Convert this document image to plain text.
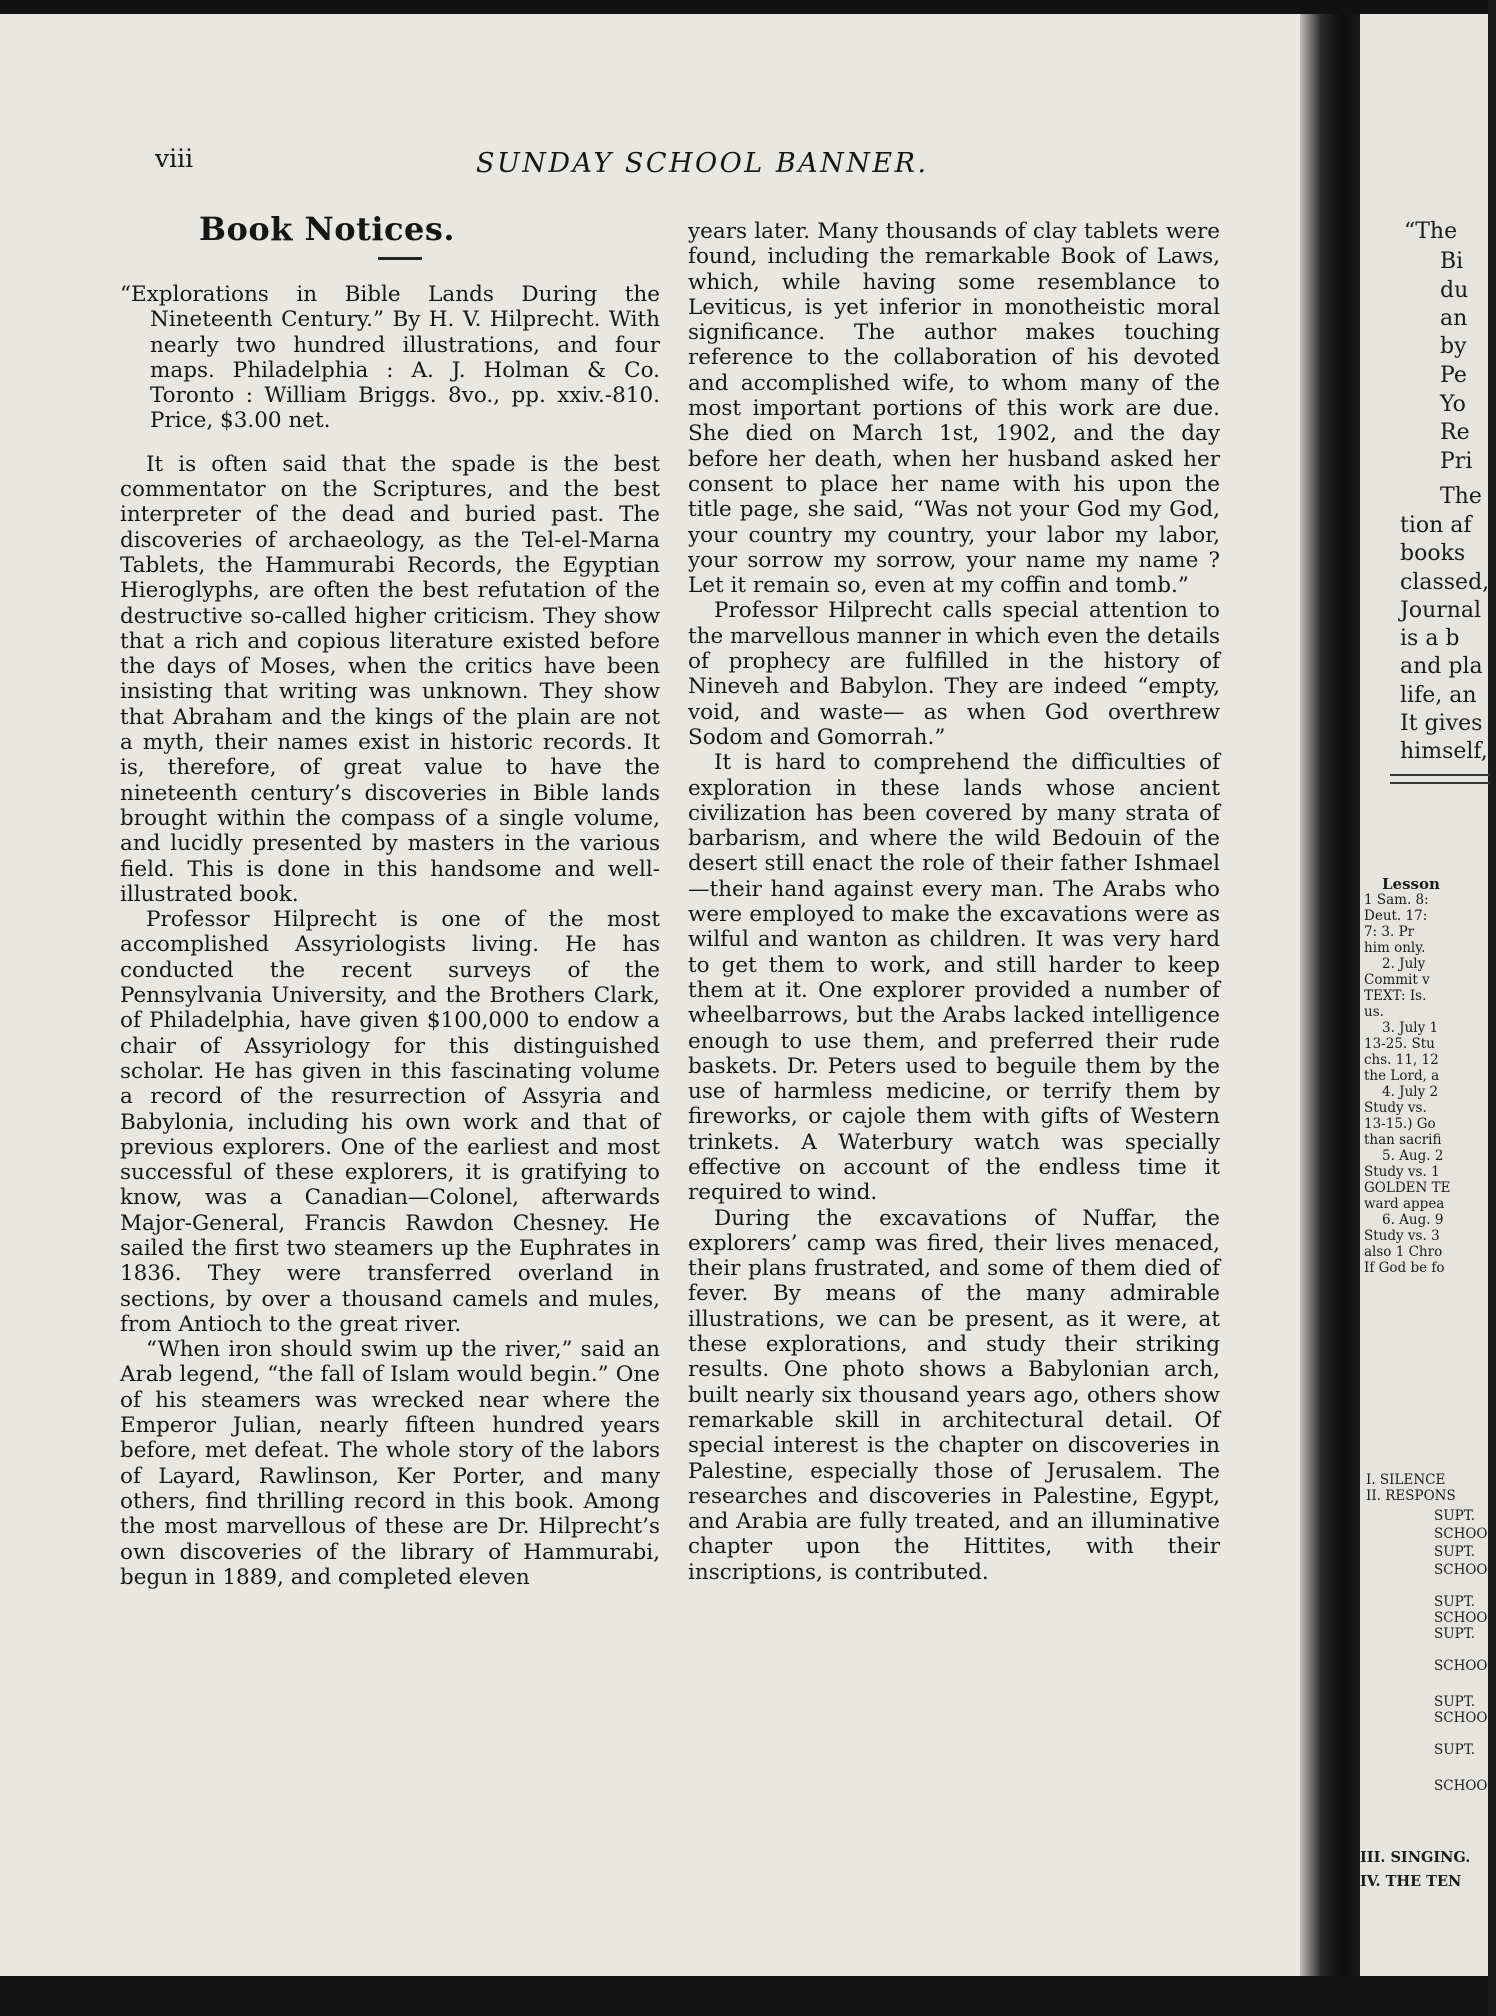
viii	SUNDAY SCHOOL BANNER.
Book Notices.
“Explorations in Bible Lands During the Nineteenth Century.” By H. V. Hilprecht. With nearly two hundred illustrations, and four maps. Philadelphia : A. J. Holman & Co. Toronto : William Briggs. 8vo., pp. xxiv.-810. Price, $3.00 net.

It is often said that the spade is the best commentator on the Scriptures, and the best interpreter of the dead and buried past. The discoveries of archaeology, as the Tel-el-Marna Tablets, the Hammurabi Records, the Egyptian Hieroglyphs, are often the best refutation of the destructive so-called higher criticism. They show that a rich and copious literature existed before the days of Moses, when the critics have been insisting that writing was unknown. They show that Abraham and the kings of the plain are not a myth, their names exist in historic records. It is, therefore, of great value to have the nineteenth century’s discoveries in Bible lands brought within the compass of a single volume, and lucidly presented by masters in the various field. This is done in this handsome and well-illustrated book.

Professor Hilprecht is one of the most accomplished Assyriologists living. He has conducted the recent surveys of the Pennsylvania University, and the Brothers Clark, of Philadelphia, have given $100,000 to endow a chair of Assyriology for this distinguished scholar. He has given in this fascinating volume a record of the resurrection of Assyria and Babylonia, including his own work and that of previous explorers. One of the earliest and most successful of these explorers, it is gratifying to know, was a Canadian—Colonel, afterwards Major-General, Francis Rawdon Chesney. He sailed the first two steamers up the Euphrates in 1836. They were transferred overland in sections, by over a thousand camels and mules, from Antioch to the great river.

“When iron should swim up the river,” said an Arab legend, “the fall of Islam would begin.” One of his steamers was wrecked near where the Emperor Julian, nearly fifteen hundred years before, met defeat. The whole story of the labors of Layard, Rawlinson, Ker Porter, and many others, find thrilling record in this book. Among the most marvellous of these are Dr. Hilprecht’s own discoveries of the library of Hammurabi, begun in 1889, and completed eleven

years later. Many thousands of clay tablets were found, including the remarkable Book of Laws, which, while having some resemblance to Leviticus, is yet inferior in monotheistic moral significance. The author makes touching reference to the collaboration of his devoted and accomplished wife, to whom many of the most important portions of this work are due. She died on March 1st, 1902, and the day before her death, when her husband asked her consent to place her name with his upon the title page, she said, “Was not your God my God, your country my country, your labor my labor, your sorrow my sorrow, your name my name ? Let it remain so, even at my coffin and tomb.”

Professor Hilprecht calls special attention to the marvellous manner in which even the details of prophecy are fulfilled in the history of Nineveh and Babylon. They are indeed “empty, void, and waste— as when God overthrew Sodom and Gomorrah.”

It is hard to comprehend the difficulties of exploration in these lands whose ancient civilization has been covered by many strata of barbarism, and where the wild Bedouin of the desert still enact the role of their father Ishmael—their hand against every man. The Arabs who were employed to make the excavations were as wilful and wanton as children. It was very hard to get them to work, and still harder to keep them at it. One explorer provided a number of wheelbarrows, but the Arabs lacked intelligence enough to use them, and preferred their rude baskets. Dr. Peters used to beguile them by the use of harmless medicine, or terrify them by fireworks, or cajole them with gifts of Western trinkets. A Waterbury watch was specially effective on account of the endless time it required to wind.

During the excavations of Nuffar, the explorers’ camp was fired, their lives menaced, their plans frustrated, and some of them died of fever. By means of the many admirable illustrations, we can be present, as it were, at these explorations, and study their striking results. One photo shows a Babylonian arch, built nearly six thousand years ago, others show remarkable skill in architectural detail. Of special interest is the chapter on discoveries in Palestine, especially those of Jerusalem. The researches and discoveries in Palestine, Egypt, and Arabia are fully treated, and an illuminative chapter upon the Hittites, with their inscriptions, is contributed.

“The
Bi
du
an
by
Pe
Yo
Re
Pri
The
tion af
books
classed,
Journal
is a b
and pla
life, an
It gives
himself,
Lesson
1 Sam. 8:
Deut. 17:
7: 3. Pr
him only.
2. July
Commit v
TEXT: Is.
us.
3. July 1
13-25. Stu
chs. 11, 12
the Lord, a
4. July 2
Study vs.
13-15.) Go
than sacrifi
5. Aug. 2
Study vs. 1
GOLDEN TE
ward appea
6. Aug. 9
Study vs. 3
also 1 Chro
If God be fo
I. SILENCE
II. RESPONS
SUPT.
SCHOO
SUPT.
SCHOO
SUPT.
SCHOO
SUPT.
SCHOO
SUPT.
SCHOOL
SUPT.
SCHOOL
III. SINGING.
IV. THE TEN
